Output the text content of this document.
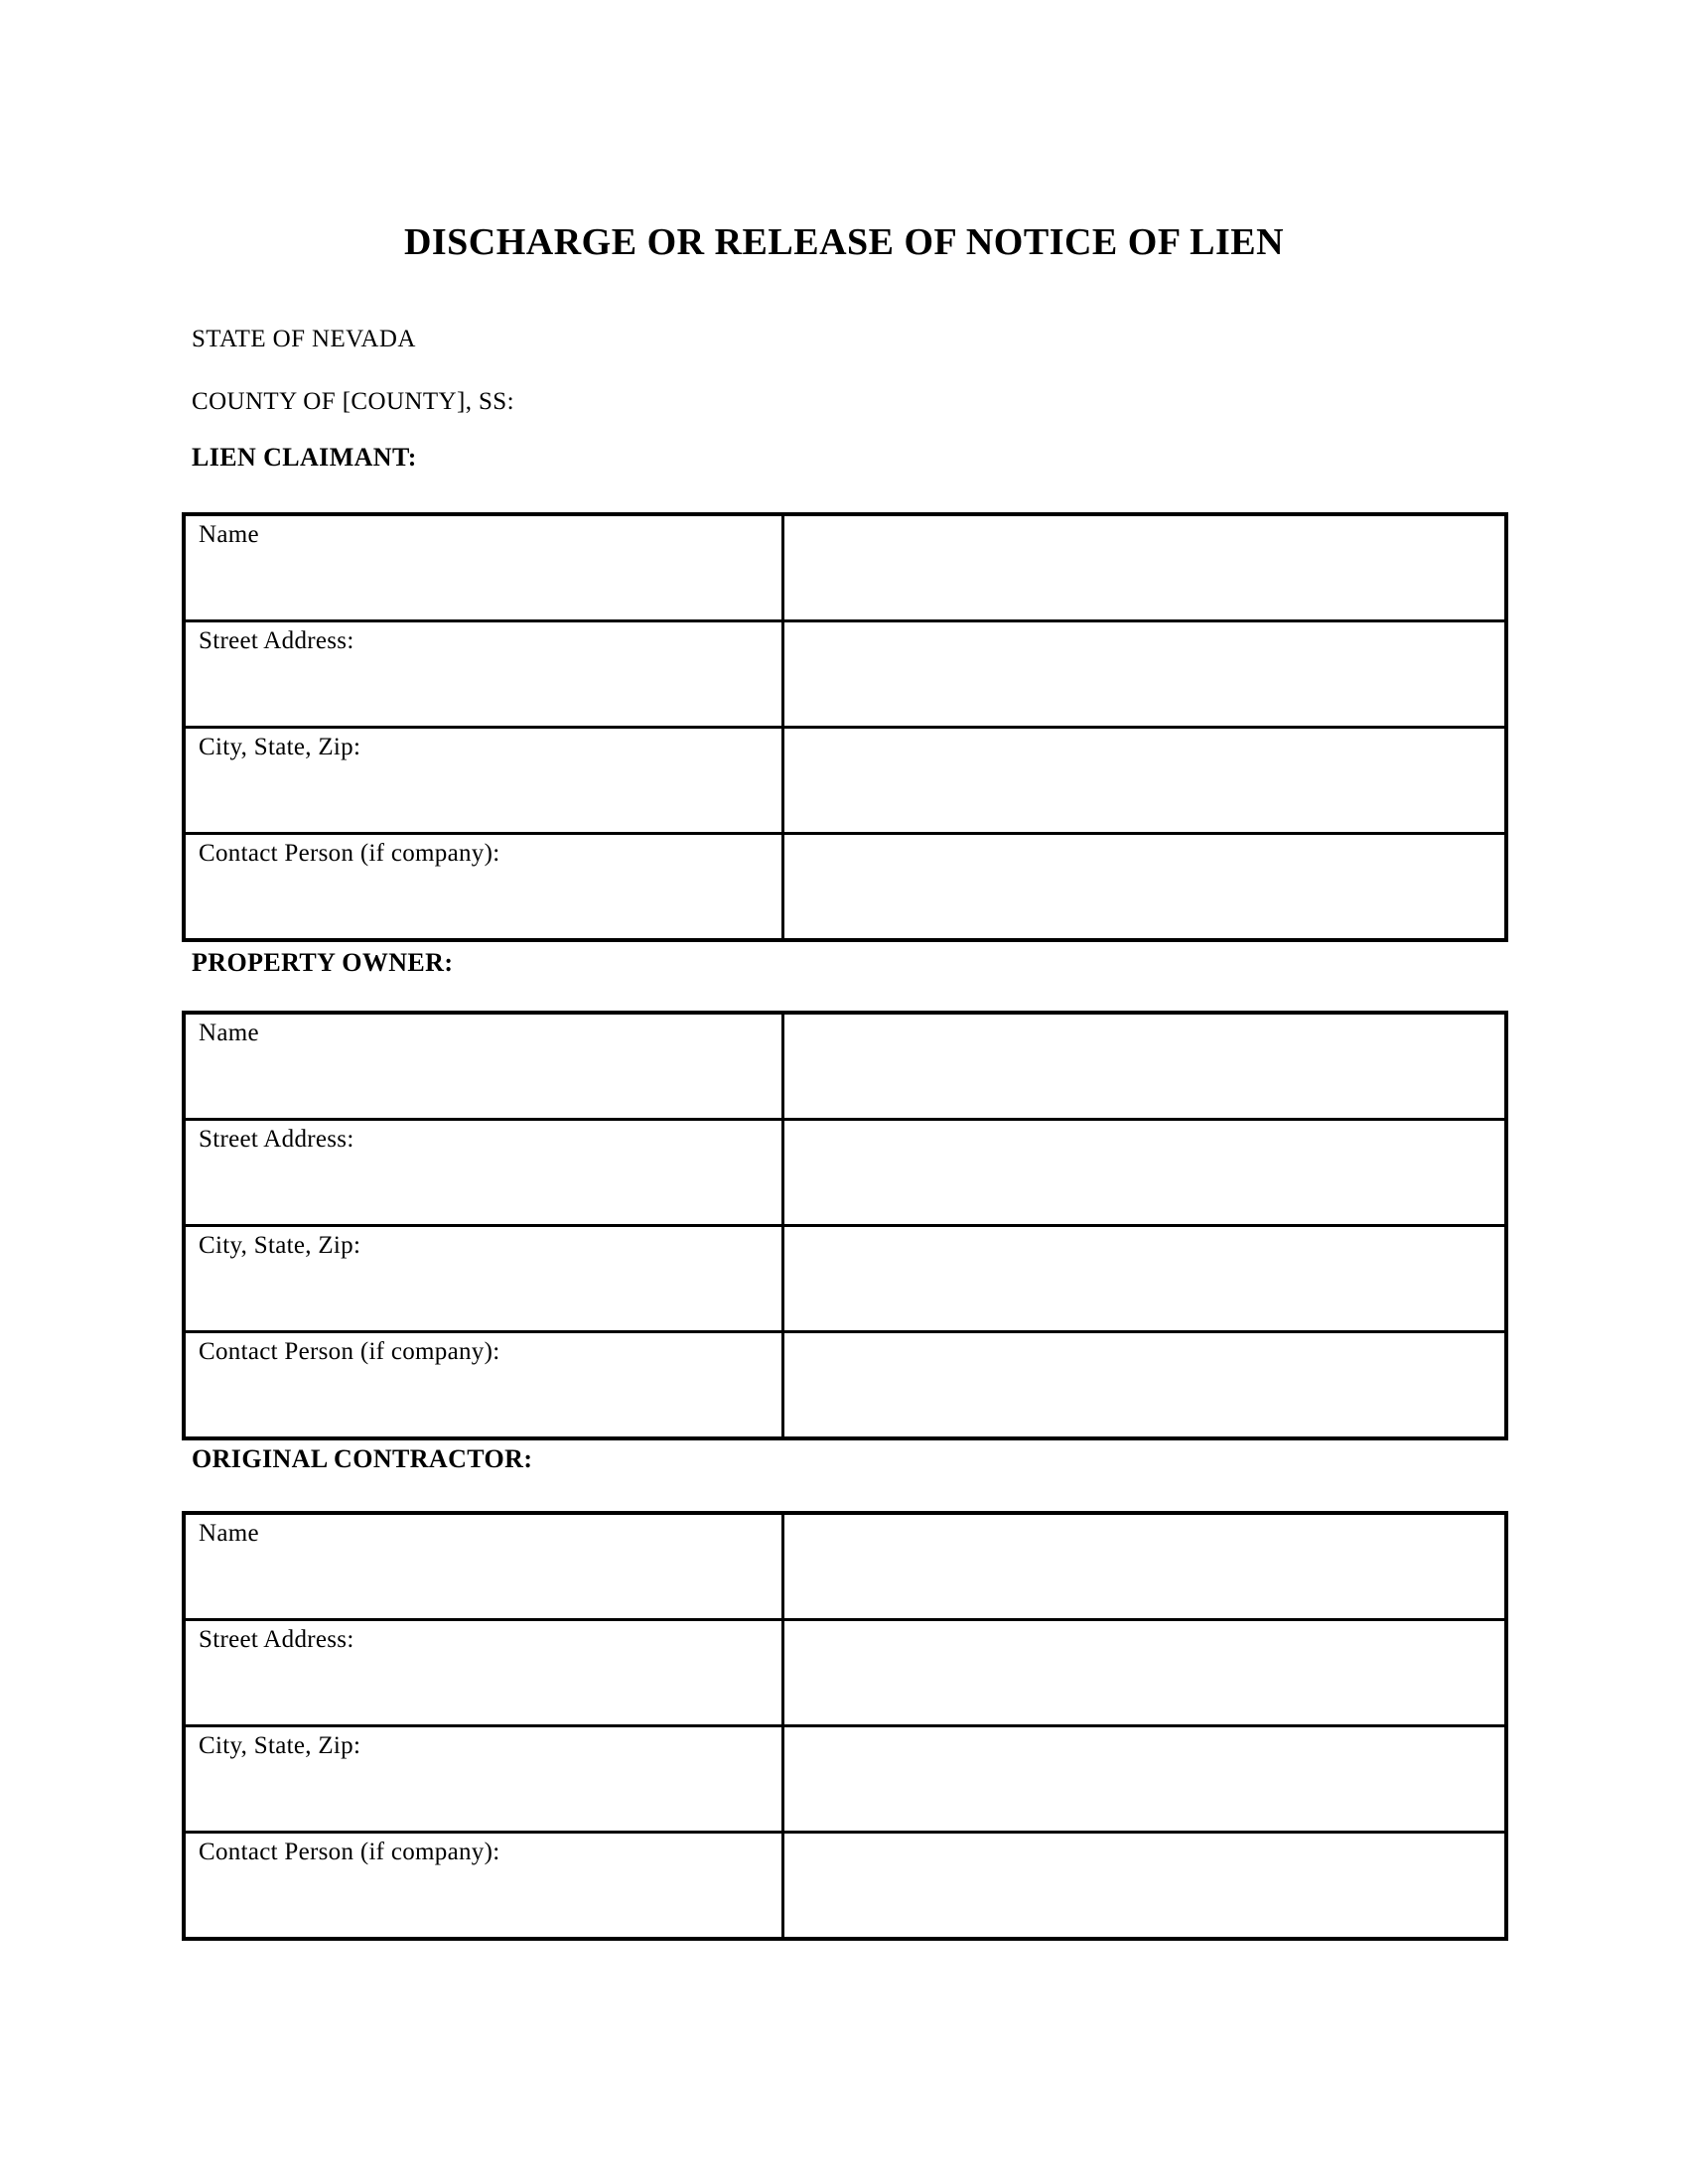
DISCHARGE OR RELEASE OF NOTICE OF LIEN
STATE OF NEVADA
COUNTY OF [COUNTY], SS:
LIEN CLAIMANT:
Name	
Street Address:	
City, State, Zip:	
Contact Person (if company):	
PROPERTY OWNER:
Name	
Street Address:	
City, State, Zip:	
Contact Person (if company):	
ORIGINAL CONTRACTOR:
Name	
Street Address:	
City, State, Zip:	
Contact Person (if company):	
